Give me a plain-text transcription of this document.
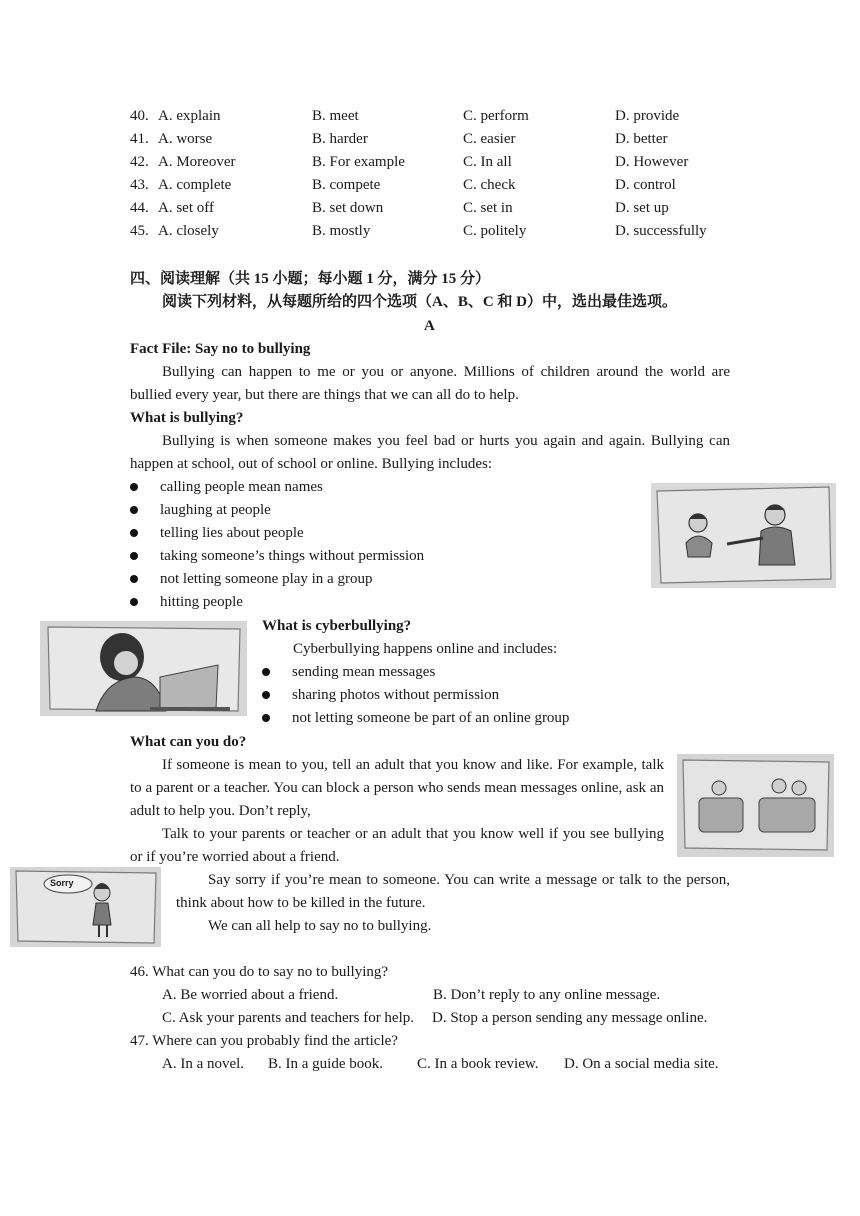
40. A. explain	B. meet	C. perform	D. provide
41. A. worse	B. harder	C. easier	D. better
42. A. Moreover	B. For example	C. In all	D. However
43. A. complete	B. compete	C. check	D. control
44. A. set off	B. set down	C. set in	D. set up
45. A. closely	B. mostly	C. politely	D. successfully
四、阅读理解（共 15 小题；每小题 1 分，满分 15 分）
阅读下列材料，从每题所给的四个选项（A、B、C 和 D）中，选出最佳选项。
A
Fact File: Say no to bullying
Bullying can happen to me or you or anyone. Millions of children around the world are bullied every year, but there are things that we can all do to help.
What is bullying?
Bullying is when someone makes you feel bad or hurts you again and again. Bullying can happen at school, out of school or online. Bullying includes:
calling people mean names
laughing at people
telling lies about people
taking someone’s things without permission
not letting someone play in a group
hitting people
What is cyberbullying?
Cyberbullying happens online and includes:
sending mean messages
sharing photos without permission
not letting someone be part of an online group
What can you do?
If someone is mean to you, tell an adult that you know and like. For example, talk to a parent or a teacher. You can block a person who sends mean messages online, ask an adult to help you. Don’t reply,
Talk to your parents or teacher or an adult that you know well if you see bullying or if you’re worried about a friend.
Sorry	Say sorry if you’re mean to someone. You can write a message or talk to the person, think about how to be killed in the future.
We can all help to say no to bullying.
46. What can you do to say no to bullying?
A. Be worried about a friend.	B. Don’t reply to any online message.
C. Ask your parents and teachers for help. D. Stop a person sending any message online.
47. Where can you probably find the article?
A. In a novel. B. In a guide book. C. In a book review. D. On a social media site.
